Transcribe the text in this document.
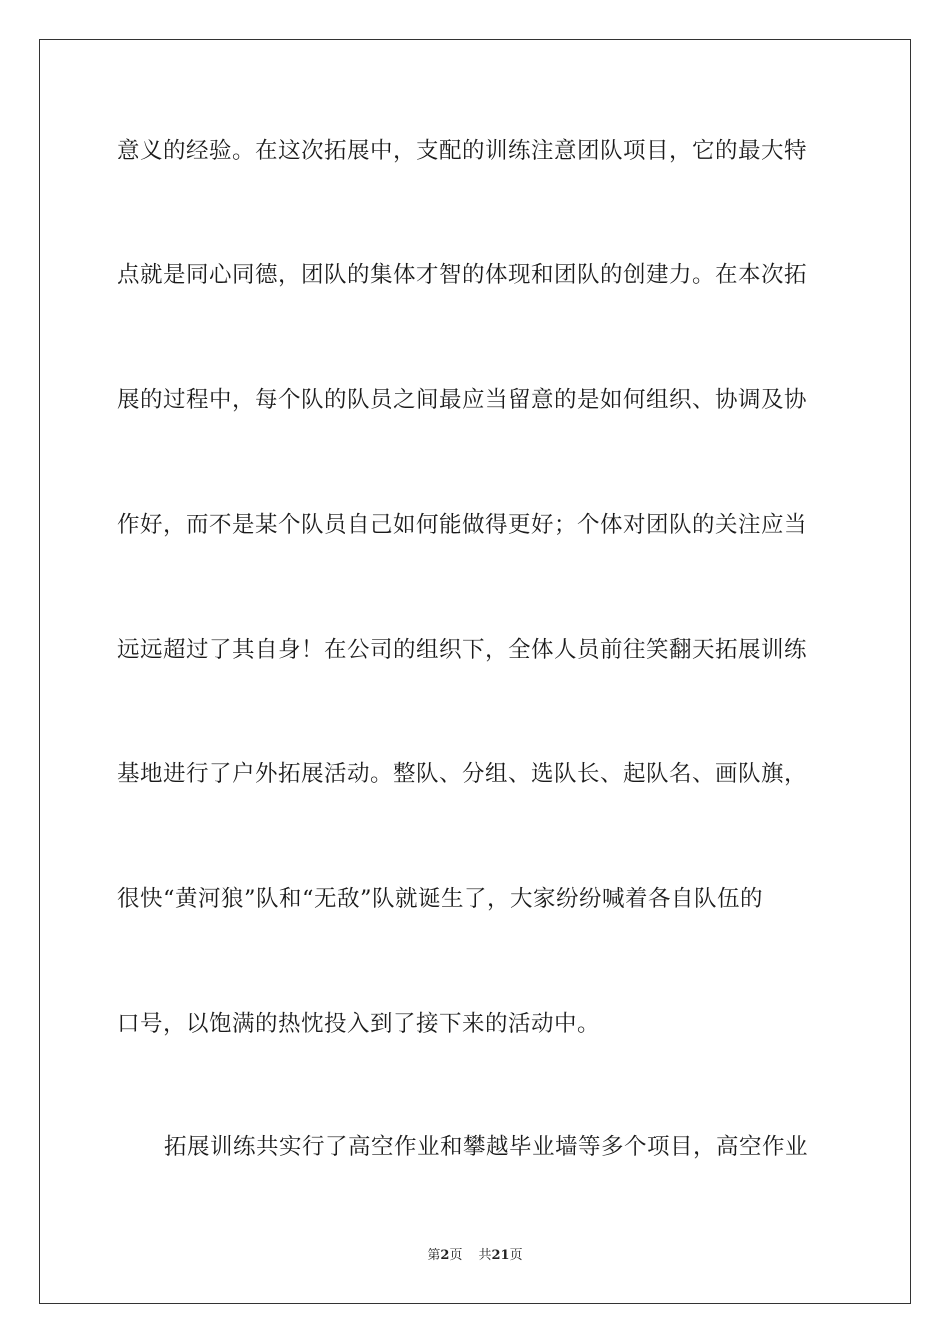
意义的经验。在这次拓展中，支配的训练注意团队项目，它的最大特
点就是同心同德，团队的集体才智的体现和团队的创建力。在本次拓
展的过程中，每个队的队员之间最应当留意的是如何组织、协调及协
作好，而不是某个队员自己如何能做得更好；个体对团队的关注应当
远远超过了其自身！在公司的组织下，全体人员前往笑翻天拓展训练
基地进行了户外拓展活动。整队、分组、选队长、起队名、画队旗，
很快“黄河狼”队和“无敌”队就诞生了，大家纷纷喊着各自队伍的
口号，以饱满的热忱投入到了接下来的活动中。
拓展训练共实行了高空作业和攀越毕业墙等多个项目，高空作业
第2页 共21页
